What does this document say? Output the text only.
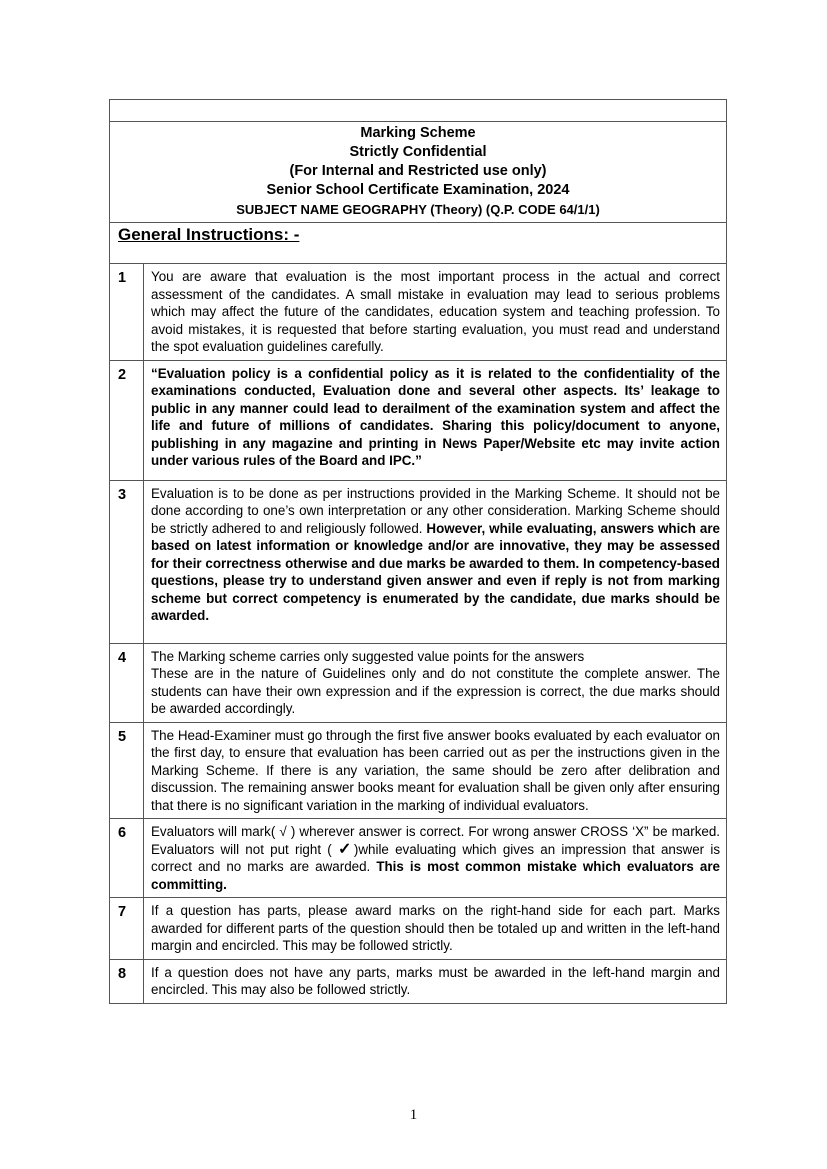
Marking Scheme
Strictly Confidential
(For Internal and Restricted use only)
Senior School Certificate Examination, 2024
SUBJECT NAME GEOGRAPHY (Theory) (Q.P. CODE 64/1/1)	

General Instructions: -	
1	You are aware that evaluation is the most important process in the actual and correct assessment of the candidates. A small mistake in evaluation may lead to serious problems which may affect the future of the candidates, education system and teaching profession. To avoid mistakes, it is requested that before starting evaluation, you must read and understand the spot evaluation guidelines carefully.
2	“Evaluation policy is a confidential policy as it is related to the confidentiality of the examinations conducted, Evaluation done and several other aspects. Its’ leakage to public in any manner could lead to derailment of the examination system and affect the life and future of millions of candidates. Sharing this policy/document to anyone, publishing in any magazine and printing in News Paper/Website etc may invite action under various rules of the Board and IPC.”
3	Evaluation is to be done as per instructions provided in the Marking Scheme. It should not be done according to one’s own interpretation or any other consideration. Marking Scheme should be strictly adhered to and religiously followed. However, while evaluating, answers which are based on latest information or knowledge and/or are innovative, they may be assessed for their correctness otherwise and due marks be awarded to them. In competency-based questions, please try to understand given answer and even if reply is not from marking scheme but correct competency is enumerated by the candidate, due marks should be awarded.
4	The Marking scheme carries only suggested value points for the answers
These are in the nature of Guidelines only and do not constitute the complete answer. The students can have their own expression and if the expression is correct, the due marks should be awarded accordingly.

5	The Head-Examiner must go through the first five answer books evaluated by each evaluator on the first day, to ensure that evaluation has been carried out as per the instructions given in the Marking Scheme. If there is any variation, the same should be zero after delibration and discussion. The remaining answer books meant for evaluation shall be given only after ensuring that there is no significant variation in the marking of individual evaluators.
6	Evaluators will mark( √ ) wherever answer is correct. For wrong answer CROSS ‘X” be marked. Evaluators will not put right ( ✓)while evaluating which gives an impression that answer is correct and no marks are awarded. This is most common mistake which evaluators are committing.
7	If a question has parts, please award marks on the right-hand side for each part. Marks awarded for different parts of the question should then be totaled up and written in the left-hand margin and encircled. This may be followed strictly.
8	If a question does not have any parts, marks must be awarded in the left-hand margin and encircled. This may also be followed strictly.
1
